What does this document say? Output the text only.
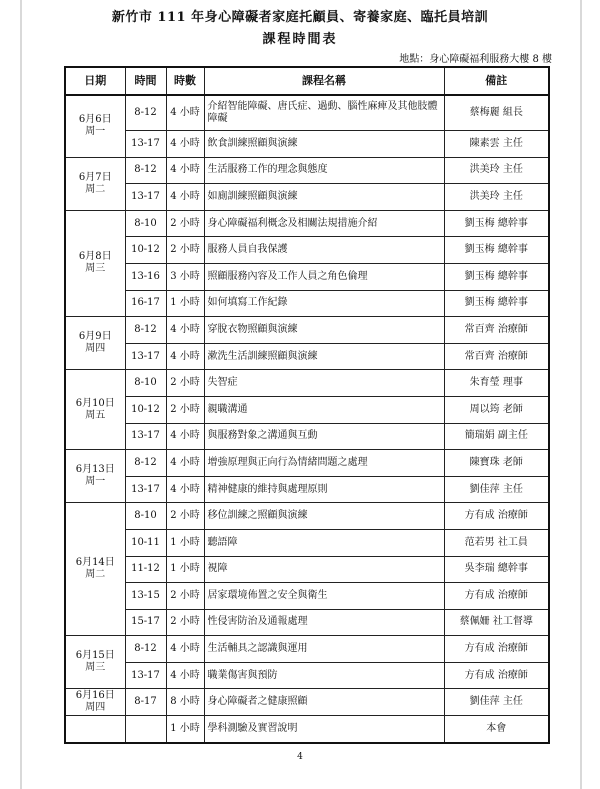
新竹市 111 年身心障礙者家庭托顧員、寄養家庭、臨托員培訓
課程時間表
地點：身心障礙福利服務大樓 8 樓
日期	時間	時數	課程名稱	備註

6月6日
周一	8-12	4 小時	介紹智能障礙、唐氏症、過動、腦性麻痺及其他肢體障礙	蔡梅麗 組長
	13-17	4 小時	飲食訓練照顧與演練	陳素雲 主任

6月7日
周二	8-12	4 小時	生活服務工作的理念與態度	洪美玲 主任
	13-17	4 小時	如廁訓練照顧與演練	洪美玲 主任

6月8日
周三	8-10	2 小時	身心障礙福利概念及相關法規措施介紹	劉玉梅 總幹事
	10-12	2 小時	服務人員自我保護	劉玉梅 總幹事
	13-16	3 小時	照顧服務內容及工作人員之角色倫理	劉玉梅 總幹事
	16-17	1 小時	如何填寫工作紀錄	劉玉梅 總幹事

6月9日
周四	8-12	4 小時	穿脫衣物照顧與演練	常百齊 治療師
	13-17	4 小時	漱洗生活訓練照顧與演練	常百齊 治療師

6月10日
周五	8-10	2 小時	失智症	朱育瑩 理事
	10-12	2 小時	親職溝通	周以筠 老師
	13-17	4 小時	與服務對象之溝通與互動	簡瑞娟 副主任

6月13日
周一	8-12	4 小時	增強原理與正向行為情緒問題之處理	陳寶珠 老師
	13-17	4 小時	精神健康的維持與處理原則	劉佳萍 主任

6月14日
周二	8-10	2 小時	移位訓練之照顧與演練	方有成 治療師
	10-11	1 小時	聽語障	范若男 社工員
	11-12	1 小時	視障	吳李瑞 總幹事
	13-15	2 小時	居家環境佈置之安全與衛生	方有成 治療師
	15-17	2 小時	性侵害防治及通報處理	蔡佩姍 社工督導

6月15日
周三	8-12	4 小時	生活輔具之認識與運用	方有成 治療師
	13-17	4 小時	職業傷害與預防	方有成 治療師

6月16日
周四	8-17	8 小時	身心障礙者之健康照顧	劉佳萍 主任

		1 小時	學科測驗及實習說明	本會
4
